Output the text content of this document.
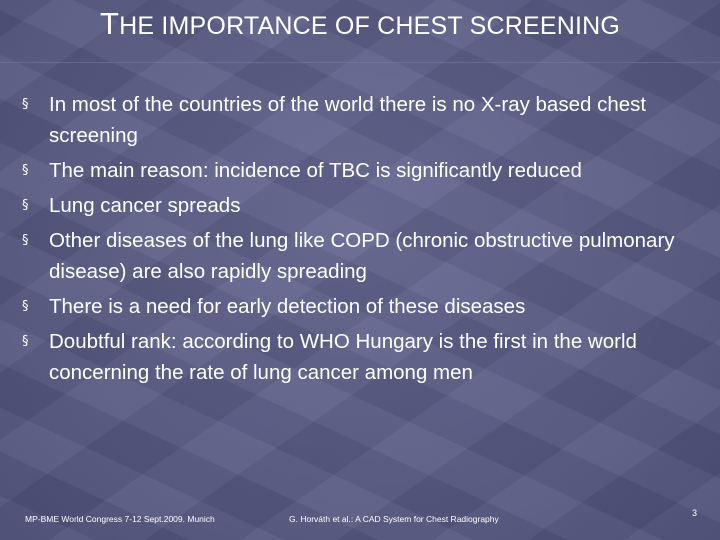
THE IMPORTANCE OF CHEST SCREENING
§ In most of the countries of the world there is no X-ray based chest screening
§ The main reason: incidence of TBC is significantly reduced
§ Lung cancer spreads
§ Other diseases of the lung like COPD (chronic obstructive pulmonary disease) are also rapidly spreading
§ There is a need for early detection of these diseases
§ Doubtful rank: according to WHO Hungary is the first in the world concerning the rate of lung cancer among men
MP-BME World Congress 7-12 Sept.2009. Munich	G. Horváth et al.: A CAD System for Chest Radiography
3
